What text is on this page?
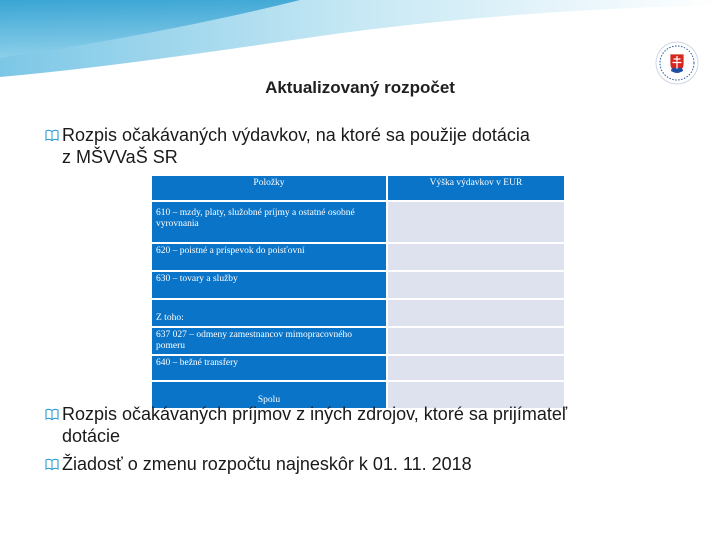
Aktualizovaný rozpočet
Rozpis očakávaných výdavkov, na ktoré sa použije dotácia
z MŠVVaŠ SR
Položky	Výška výdavkov v EUR
610 – mzdy, platy, služobné príjmy a ostatné osobné vyrovnania	
620 – poistné a príspevok do poisťovní	
630 – tovary a služby	
Z toho:	
637 027 – odmeny zamestnancov mimopracovného pomeru	
640 – bežné transfery	
Spolu	
Rozpis očakávaných príjmov z iných zdrojov, ktoré sa prijímateľ
dotácie
Žiadosť o zmenu rozpočtu najneskôr k 01. 11. 2018
